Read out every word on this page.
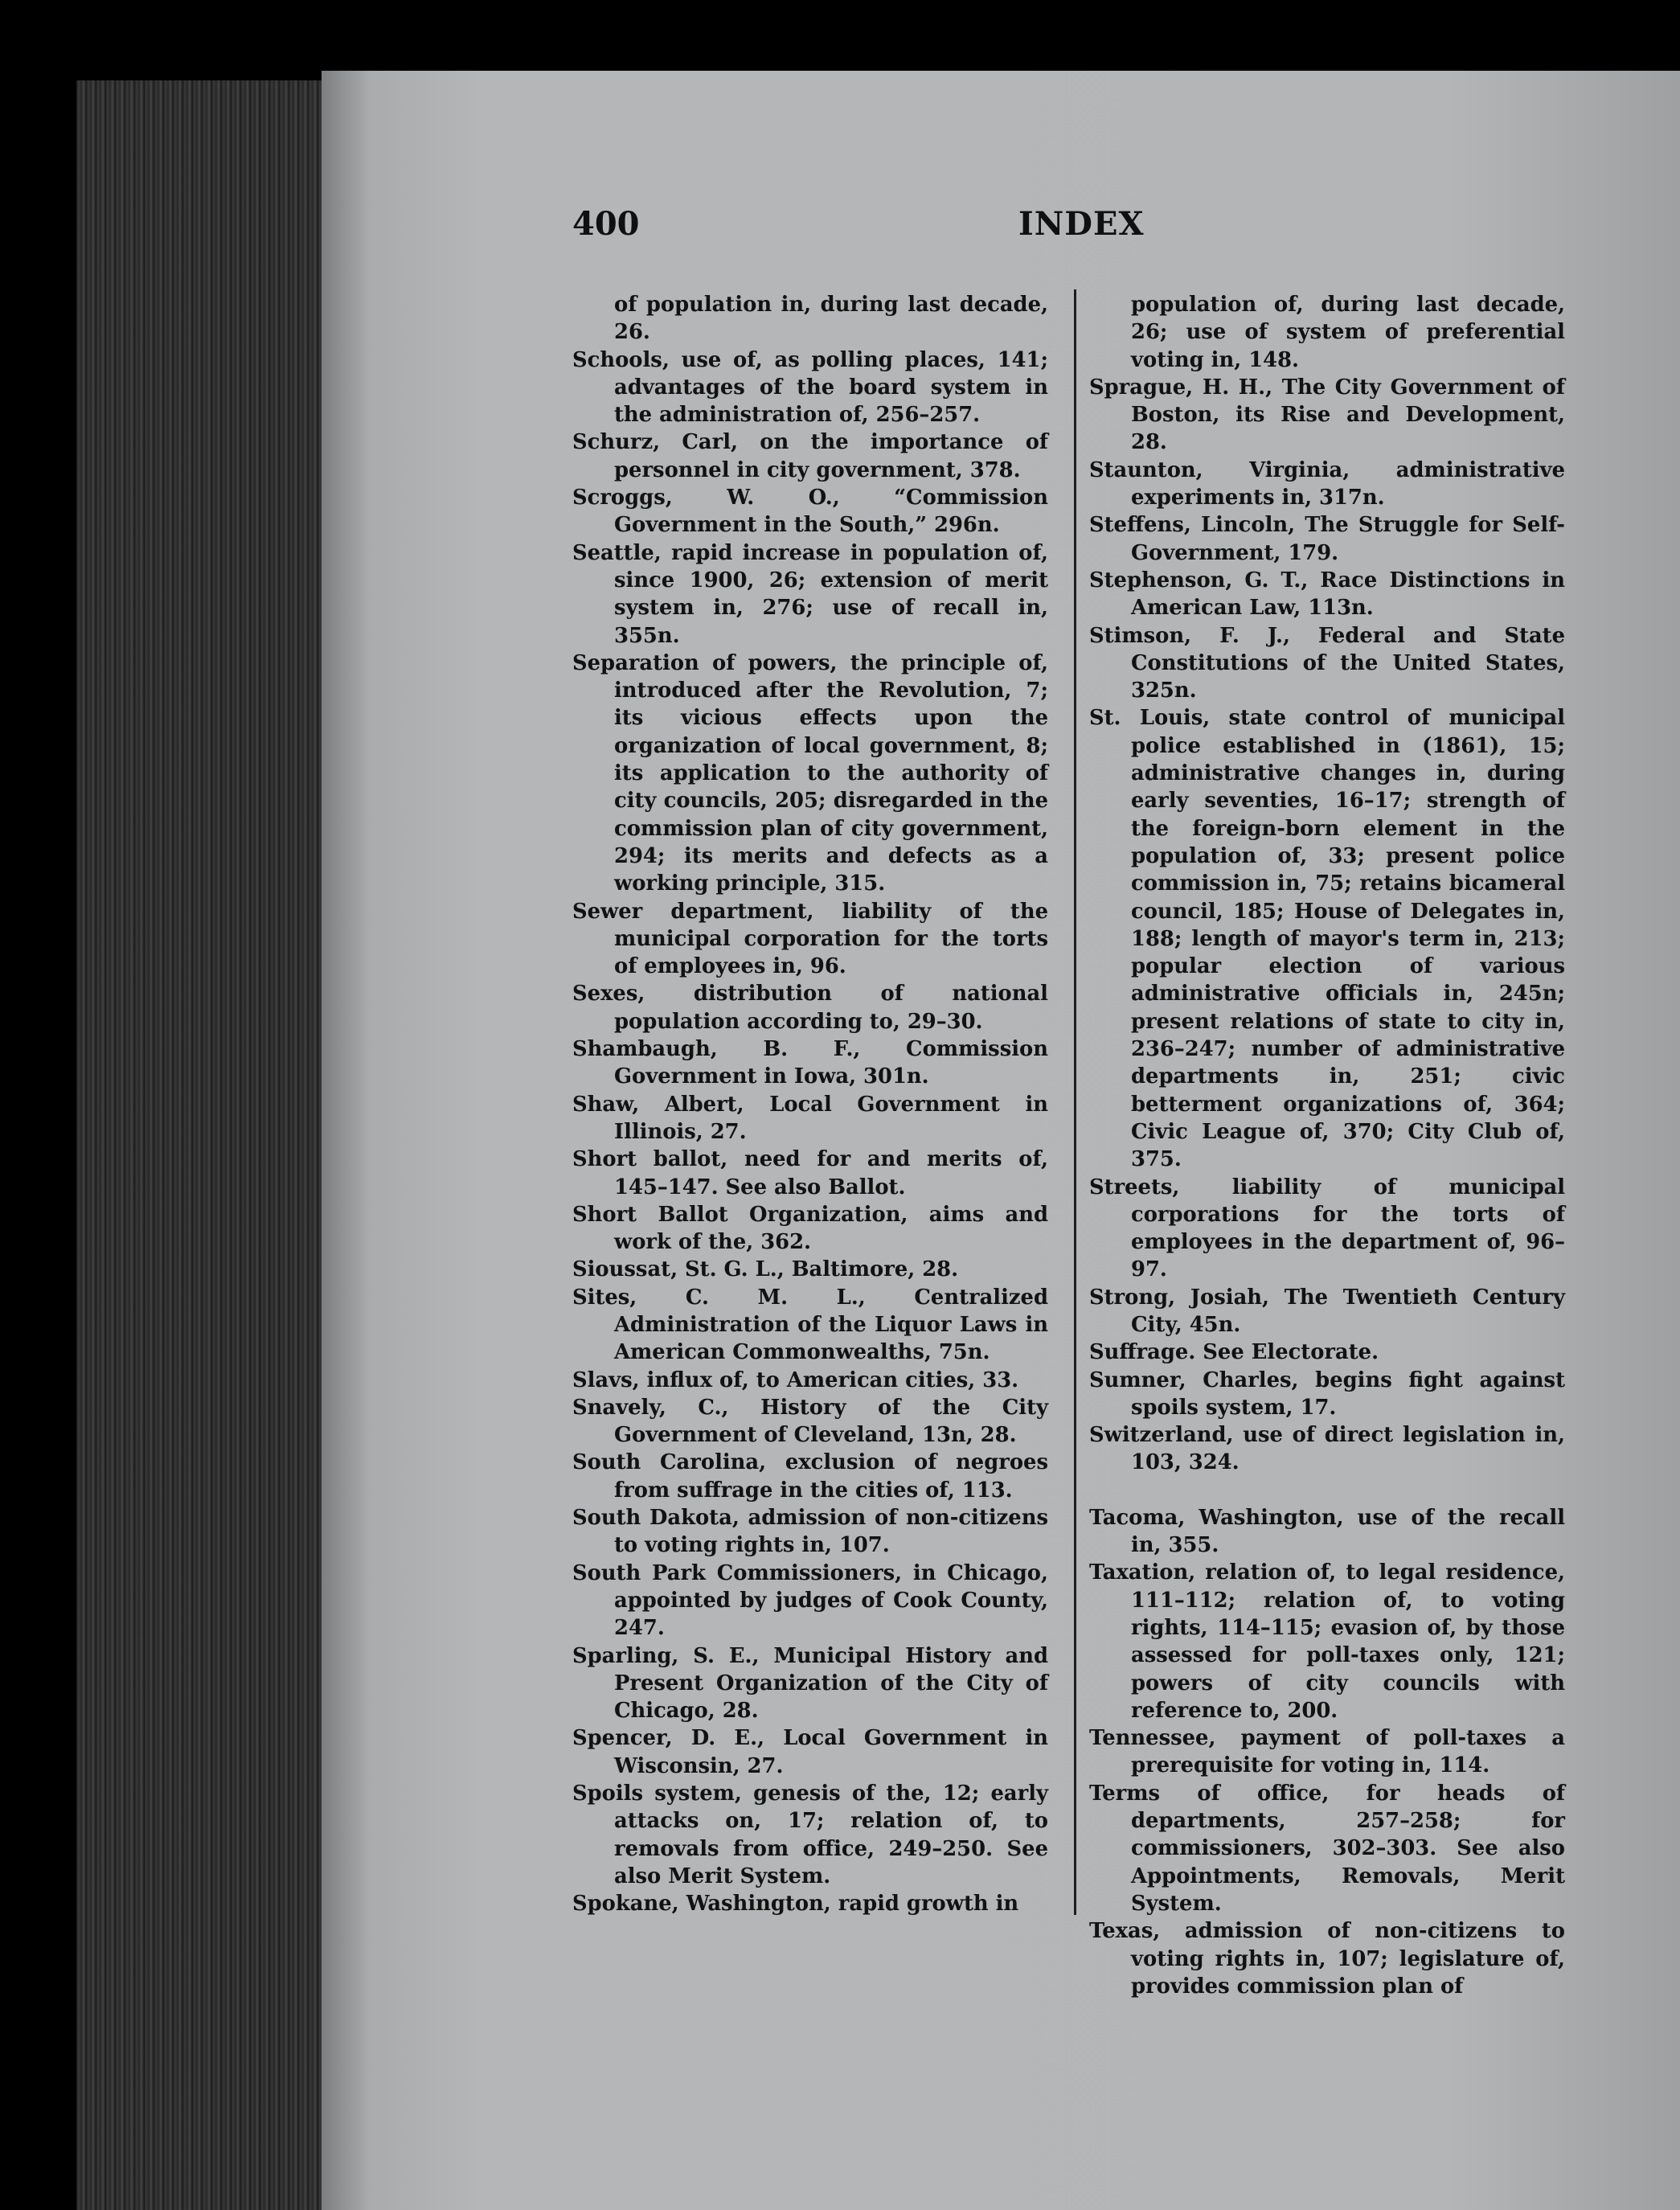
400	INDEX

of population in, during last decade, 26.

Schools, use of, as polling places, 141; advantages of the board system in the administration of, 256–257.

Schurz, Carl, on the importance of personnel in city government, 378.

Scroggs, W. O., “Commission Government in the South,” 296n.

Seattle, rapid increase in population of, since 1900, 26; extension of merit system in, 276; use of recall in, 355n.

Separation of powers, the principle of, introduced after the Revolution, 7; its vicious effects upon the organization of local government, 8; its application to the authority of city councils, 205; disregarded in the commission plan of city government, 294; its merits and defects as a working principle, 315.

Sewer department, liability of the municipal corporation for the torts of employees in, 96.

Sexes, distribution of national population according to, 29–30.

Shambaugh, B. F., Commission Government in Iowa, 301n.

Shaw, Albert, Local Government in Illinois, 27.

Short ballot, need for and merits of, 145–147. See also Ballot.

Short Ballot Organization, aims and work of the, 362.

Sioussat, St. G. L., Baltimore, 28.

Sites, C. M. L., Centralized Administration of the Liquor Laws in American Commonwealths, 75n.

Slavs, influx of, to American cities, 33.

Snavely, C., History of the City Government of Cleveland, 13n, 28.

South Carolina, exclusion of negroes from suffrage in the cities of, 113.

South Dakota, admission of non-citizens to voting rights in, 107.

South Park Commissioners, in Chicago, appointed by judges of Cook County, 247.

Sparling, S. E., Municipal History and Present Organization of the City of Chicago, 28.

Spencer, D. E., Local Government in Wisconsin, 27.

Spoils system, genesis of the, 12; early attacks on, 17; relation of, to removals from office, 249–250. See also Merit System.

Spokane, Washington, rapid growth in

population of, during last decade, 26; use of system of preferential voting in, 148.

Sprague, H. H., The City Government of Boston, its Rise and Development, 28.

Staunton, Virginia, administrative experiments in, 317n.

Steffens, Lincoln, The Struggle for Self-Government, 179.

Stephenson, G. T., Race Distinctions in American Law, 113n.

Stimson, F. J., Federal and State Constitutions of the United States, 325n.

St. Louis, state control of municipal police established in (1861), 15; administrative changes in, during early seventies, 16–17; strength of the foreign-born element in the population of, 33; present police commission in, 75; retains bicameral council, 185; House of Delegates in, 188; length of mayor's term in, 213; popular election of various administrative officials in, 245n; present relations of state to city in, 236–247; number of administrative departments in, 251; civic betterment organizations of, 364; Civic League of, 370; City Club of, 375.

Streets, liability of municipal corporations for the torts of employees in the department of, 96–97.

Strong, Josiah, The Twentieth Century City, 45n.

Suffrage. See Electorate.

Sumner, Charles, begins fight against spoils system, 17.

Switzerland, use of direct legislation in, 103, 324.

Tacoma, Washington, use of the recall in, 355.

Taxation, relation of, to legal residence, 111–112; relation of, to voting rights, 114–115; evasion of, by those assessed for poll-taxes only, 121; powers of city councils with reference to, 200.

Tennessee, payment of poll-taxes a prerequisite for voting in, 114.

Terms of office, for heads of departments, 257–258; for commissioners, 302–303. See also Appointments, Removals, Merit System.

Texas, admission of non-citizens to voting rights in, 107; legislature of, provides commission plan of
